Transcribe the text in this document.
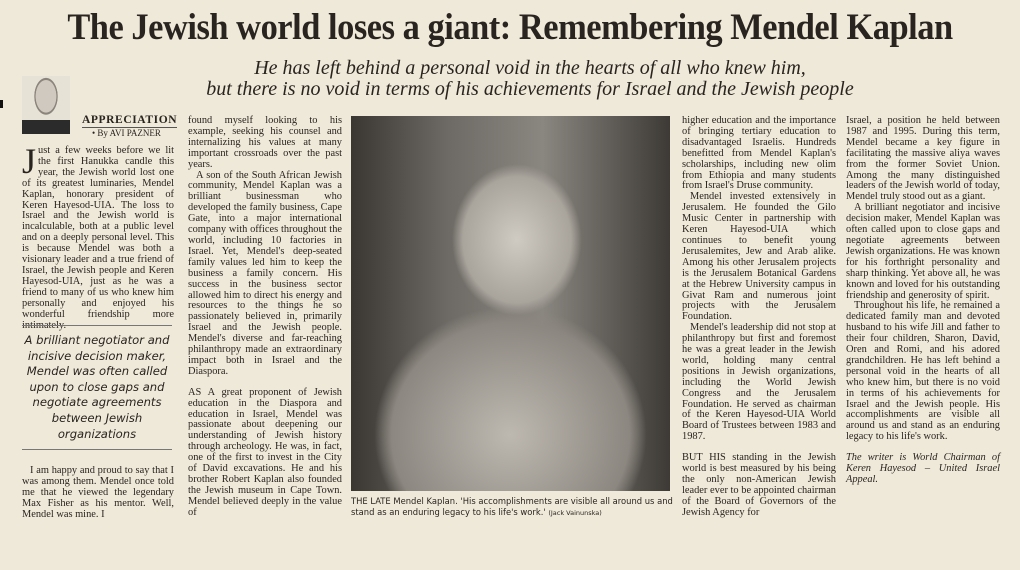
The Jewish world loses a giant: Remembering Mendel Kaplan
He has left behind a personal void in the hearts of all who knew him,
but there is no void in terms of his achievements for Israel and the Jewish people
APPRECIATION
• By AVI PAZNER

Just a few weeks before we lit the first Hanukka candle this year, the Jewish world lost one of its greatest luminaries, Mendel Kaplan, honorary president of Keren Hayesod-UIA. The loss to Israel and the Jewish world is incalculable, both at a public level and on a deeply personal level. This is because Mendel was both a visionary leader and a true friend of Israel, the Jewish people and Keren Hayesod-UIA, just as he was a friend to many of us who knew him personally and enjoyed his wonderful friendship more intimately.

A brilliant negotiator and incisive decision maker, Mendel was often called upon to close gaps and negotiate agreements between Jewish organizations

I am happy and proud to say that I was among them. Mendel once told me that he viewed the legendary Max Fisher as his mentor. Well, Mendel was mine. I

found myself looking to his example, seeking his counsel and internalizing his values at many important crossroads over the past years.

A son of the South African Jewish community, Mendel Kaplan was a brilliant businessman who developed the family business, Cape Gate, into a major international company with offices throughout the world, including 10 factories in Israel. Yet, Mendel's deep-seated family values led him to keep the business a family concern. His success in the business sector allowed him to direct his energy and resources to the things he so passionately believed in, primarily Israel and the Jewish people. Mendel's diverse and far-reaching philanthropy made an extraordinary impact both in Israel and the Diaspora.

AS A great proponent of Jewish education in the Diaspora and education in Israel, Mendel was passionate about deepening our understanding of Jewish history through archeology. He was, in fact, one of the first to invest in the City of David excavations. He and his brother Robert Kaplan also founded the Jewish museum in Cape Town. Mendel believed deeply in the value of

THE LATE Mendel Kaplan. 'His accomplishments are visible all around us and stand as an enduring legacy to his life's work.' (Jack Vainunska)

higher education and the importance of bringing tertiary education to disadvantaged Israelis. Hundreds benefitted from Mendel Kaplan's scholarships, including new olim from Ethiopia and many students from Israel's Druse community.

Mendel invested extensively in Jerusalem. He founded the Gilo Music Center in partnership with Keren Hayesod-UIA which continues to benefit young Jerusalemites, Jew and Arab alike. Among his other Jerusalem projects is the Jerusalem Botanical Gardens at the Hebrew University campus in Givat Ram and numerous joint projects with the Jerusalem Foundation.

Mendel's leadership did not stop at philanthropy but first and foremost he was a great leader in the Jewish world, holding many central positions in Jewish organizations, including the World Jewish Congress and the Jerusalem Foundation. He served as chairman of the Keren Hayesod-UIA World Board of Trustees between 1983 and 1987.

BUT HIS standing in the Jewish world is best measured by his being the only non-American Jewish leader ever to be appointed chairman of the Board of Governors of the Jewish Agency for

Israel, a position he held between 1987 and 1995. During this term, Mendel became a key figure in facilitating the massive aliya waves from the former Soviet Union. Among the many distinguished leaders of the Jewish world of today, Mendel truly stood out as a giant.

A brilliant negotiator and incisive decision maker, Mendel Kaplan was often called upon to close gaps and negotiate agreements between Jewish organizations. He was known for his forthright personality and sharp thinking. Yet above all, he was known and loved for his outstanding friendship and generosity of spirit.

Throughout his life, he remained a dedicated family man and devoted husband to his wife Jill and father to their four children, Sharon, David, Oren and Romi, and his adored grandchildren. He has left behind a personal void in the hearts of all who knew him, but there is no void in terms of his achievements for Israel and the Jewish people. His accomplishments are visible all around us and stand as an enduring legacy to his life's work.

The writer is World Chairman of Keren Hayesod – United Israel Appeal.
